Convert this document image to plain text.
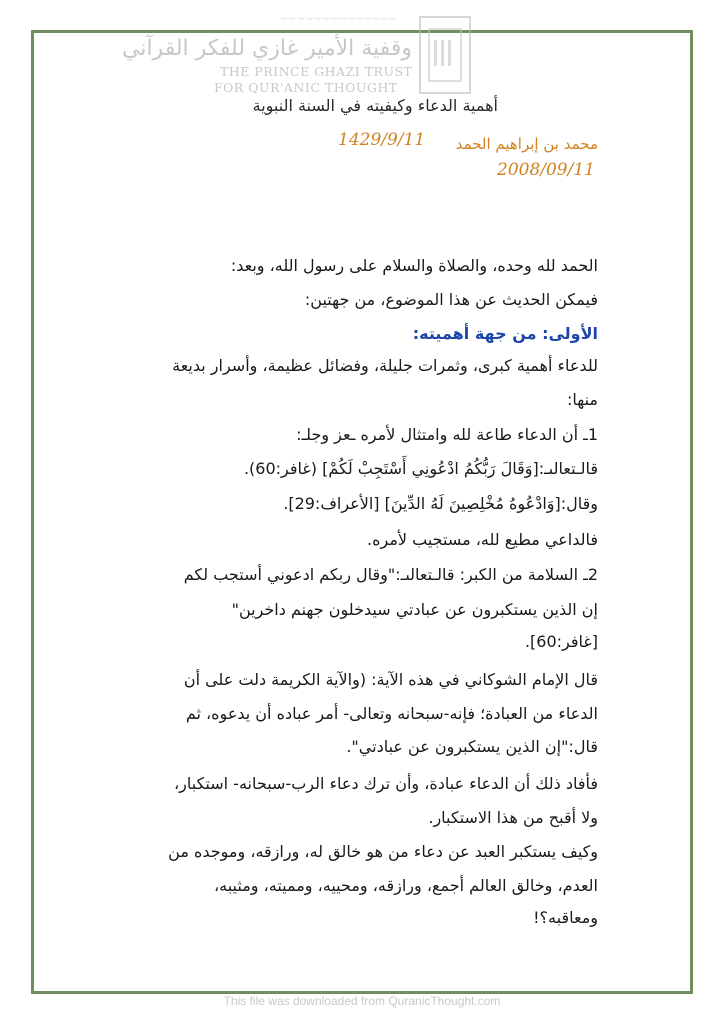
~~~~~~~~~~~~~~
وقفية الأمير غازي للفكر القرآني
THE PRINCE GHAZI TRUST
FOR QUR'ANIC THOUGHT
أهمية الدعاء وكيفيته في السنة النبوية
محمد بن إبراهيم الحمد
1429/9/11
2008/09/11
الحمد لله وحده، والصلاة والسلام على رسول الله، وبعد:
فيمكن الحديث عن هذا الموضوع، من جهتين:
الأولى: من جهة أهميته:
للدعاء أهمية كبرى، وثمرات جليلة، وفضائل عظيمة، وأسرار بديعة
منها:
1ـ أن الدعاء طاعة لله وامتثال لأمره ـعز وجلـ:
قالـتعالىـ:[وَقَالَ رَبُّكُمُ ادْعُونِي أَسْتَجِبْ لَكُمْ] (غافر:60).
وقال:[وَادْعُوهُ مُخْلِصِينَ لَهُ الدِّينَ] [الأعراف:29].
فالداعي مطيع لله، مستجيب لأمره.
2ـ السلامة من الكبر: قالـتعالىـ:"وقال ربكم ادعوني أستجب لكم
إن الذين يستكبرون عن عبادتي سيدخلون جهنم داخرين"
[غافر:60].
قال الإمام الشوكاني في هذه الآية: (والآية الكريمة دلت على أن
الدعاء من العبادة؛ فإنه-سبحانه وتعالى- أمر عباده أن يدعوه، ثم
قال:"إن الذين يستكبرون عن عبادتي".
فأفاد ذلك أن الدعاء عبادة، وأن ترك دعاء الرب-سبحانه- استكبار،
ولا أقبح من هذا الاستكبار.
وكيف يستكبر العبد عن دعاء من هو خالق له، ورازقه، وموجده من
العدم، وخالق العالم أجمع، ورازقه، ومحييه، ومميته، ومثيبه،
ومعاقبه؟!
This file was downloaded from QuranicThought.com
